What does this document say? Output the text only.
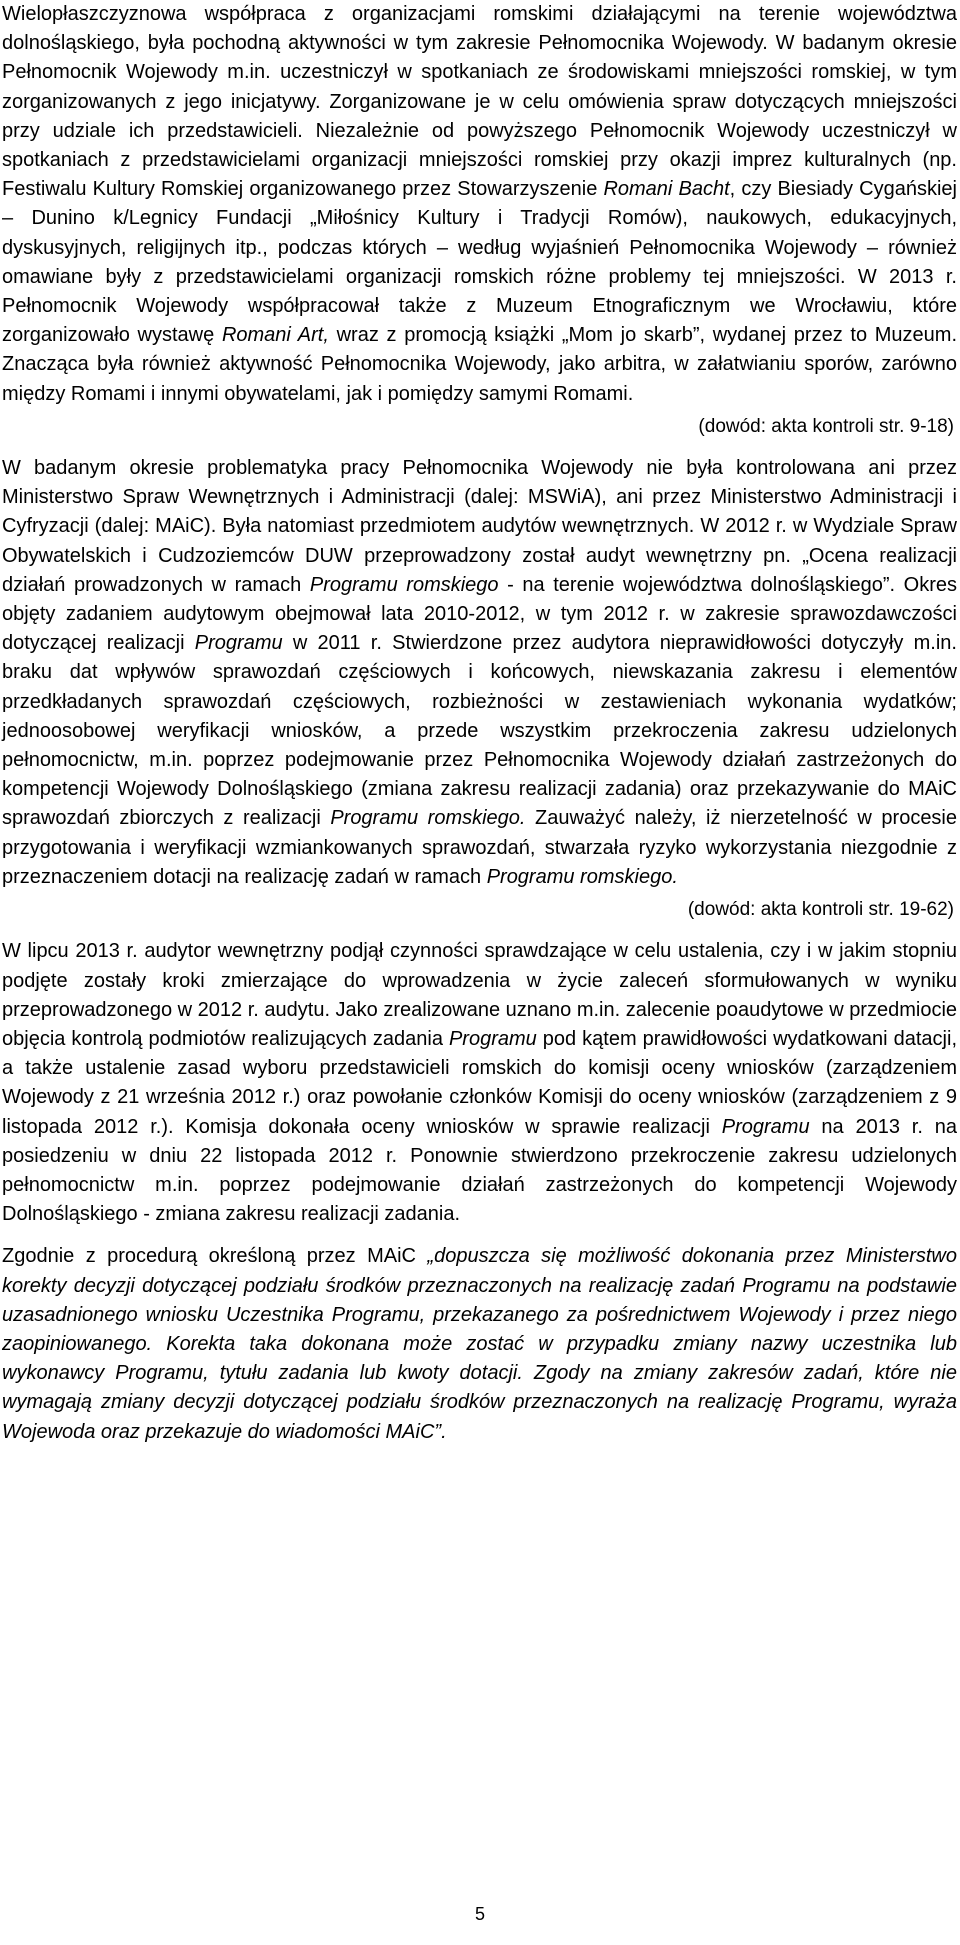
Wielopłaszczyznowa współpraca z organizacjami romskimi działającymi na terenie województwa dolnośląskiego, była pochodną aktywności w tym zakresie Pełnomocnika Wojewody. W badanym okresie Pełnomocnik Wojewody m.in. uczestniczył w spotkaniach ze środowiskami mniejszości romskiej, w tym zorganizowanych z jego inicjatywy. Zorganizowane je w celu omówienia spraw dotyczących mniejszości przy udziale ich przedstawicieli. Niezależnie od powyższego Pełnomocnik Wojewody uczestniczył w spotkaniach z przedstawicielami organizacji mniejszości romskiej przy okazji imprez kulturalnych (np. Festiwalu Kultury Romskiej organizowanego przez Stowarzyszenie Romani Bacht, czy Biesiady Cygańskiej – Dunino k/Legnicy Fundacji „Miłośnicy Kultury i Tradycji Romów), naukowych, edukacyjnych, dyskusyjnych, religijnych itp., podczas których – według wyjaśnień Pełnomocnika Wojewody – również omawiane były z przedstawicielami organizacji romskich różne problemy tej mniejszości. W 2013 r. Pełnomocnik Wojewody współpracował także z Muzeum Etnograficznym we Wrocławiu, które zorganizowało wystawę Romani Art, wraz z promocją książki „Mom jo skarb”, wydanej przez to Muzeum. Znacząca była również aktywność Pełnomocnika Wojewody, jako arbitra, w załatwianiu sporów, zarówno między Romami i innymi obywatelami, jak i pomiędzy samymi Romami.

(dowód: akta kontroli str. 9-18)

W badanym okresie problematyka pracy Pełnomocnika Wojewody nie była kontrolowana ani przez Ministerstwo Spraw Wewnętrznych i Administracji (dalej: MSWiA), ani przez Ministerstwo Administracji i Cyfryzacji (dalej: MAiC). Była natomiast przedmiotem audytów wewnętrznych. W 2012 r. w Wydziale Spraw Obywatelskich i Cudzoziemców DUW przeprowadzony został audyt wewnętrzny pn. „Ocena realizacji działań prowadzonych w ramach Programu romskiego - na terenie województwa dolnośląskiego”. Okres objęty zadaniem audytowym obejmował lata 2010-2012, w tym 2012 r. w zakresie sprawozdawczości dotyczącej realizacji Programu w 2011 r. Stwierdzone przez audytora nieprawidłowości dotyczyły m.in. braku dat wpływów sprawozdań częściowych i końcowych, niewskazania zakresu i elementów przedkładanych sprawozdań częściowych, rozbieżności w zestawieniach wykonania wydatków; jednoosobowej weryfikacji wniosków, a przede wszystkim przekroczenia zakresu udzielonych pełnomocnictw, m.in. poprzez podejmowanie przez Pełnomocnika Wojewody działań zastrzeżonych do kompetencji Wojewody Dolnośląskiego (zmiana zakresu realizacji zadania) oraz przekazywanie do MAiC sprawozdań zbiorczych z realizacji Programu romskiego. Zauważyć należy, iż nierzetelność w procesie przygotowania i weryfikacji wzmiankowanych sprawozdań, stwarzała ryzyko wykorzystania niezgodnie z przeznaczeniem dotacji na realizację zadań w ramach Programu romskiego.

(dowód: akta kontroli str. 19-62)

W lipcu 2013 r. audytor wewnętrzny podjął czynności sprawdzające w celu ustalenia, czy i w jakim stopniu podjęte zostały kroki zmierzające do wprowadzenia w życie zaleceń sformułowanych w wyniku przeprowadzonego w 2012 r. audytu. Jako zrealizowane uznano m.in. zalecenie poaudytowe w przedmiocie objęcia kontrolą podmiotów realizujących zadania Programu pod kątem prawidłowości wydatkowani datacji, a także ustalenie zasad wyboru przedstawicieli romskich do komisji oceny wniosków (zarządzeniem Wojewody z 21 września 2012 r.) oraz powołanie członków Komisji do oceny wniosków (zarządzeniem z 9 listopada 2012 r.). Komisja dokonała oceny wniosków w sprawie realizacji Programu na 2013 r. na posiedzeniu w dniu 22 listopada 2012 r. Ponownie stwierdzono przekroczenie zakresu udzielonych pełnomocnictw m.in. poprzez podejmowanie działań zastrzeżonych do kompetencji Wojewody Dolnośląskiego - zmiana zakresu realizacji zadania.

Zgodnie z procedurą określoną przez MAiC „dopuszcza się możliwość dokonania przez Ministerstwo korekty decyzji dotyczącej podziału środków przeznaczonych na realizację zadań Programu na podstawie uzasadnionego wniosku Uczestnika Programu, przekazanego za pośrednictwem Wojewody i przez niego zaopiniowanego. Korekta taka dokonana może zostać w przypadku zmiany nazwy uczestnika lub wykonawcy Programu, tytułu zadania lub kwoty dotacji. Zgody na zmiany zakresów zadań, które nie wymagają zmiany decyzji dotyczącej podziału środków przeznaczonych na realizację Programu, wyraża Wojewoda oraz przekazuje do wiadomości MAiC”.

5
